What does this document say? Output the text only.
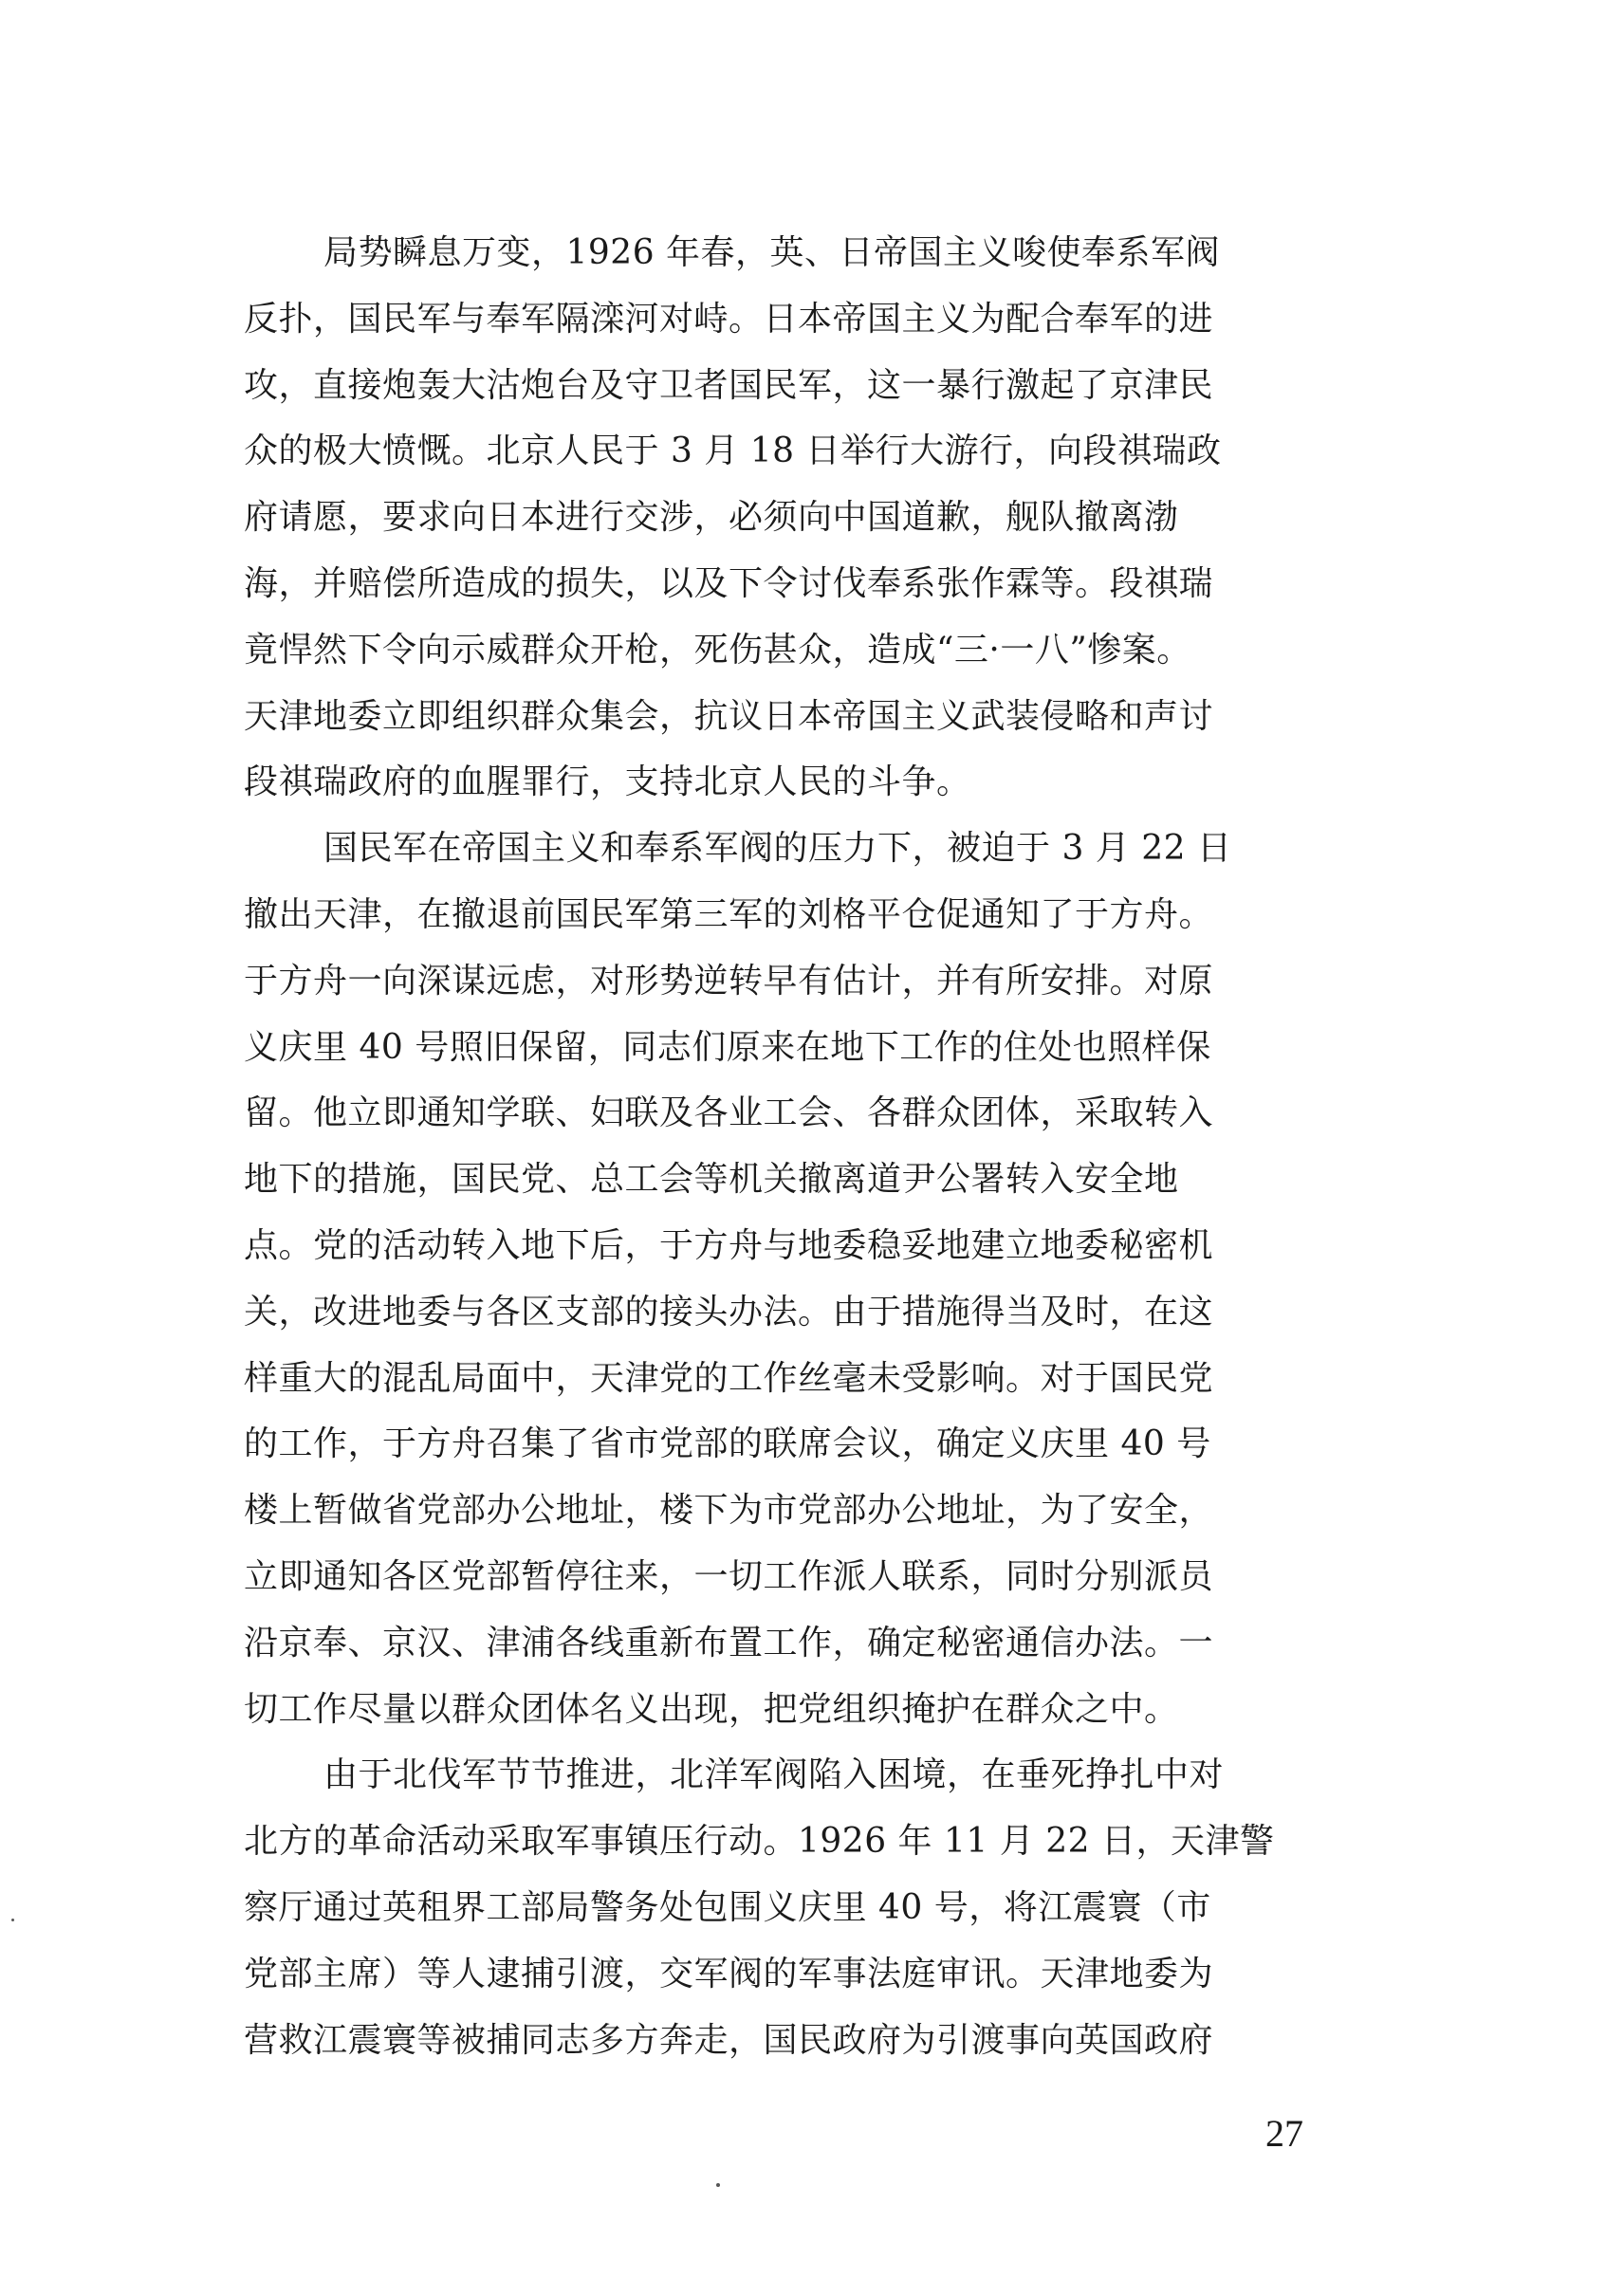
局势瞬息万变，1926 年春，英、日帝国主义唆使奉系军阀
反扑，国民军与奉军隔滦河对峙。日本帝国主义为配合奉军的进
攻，直接炮轰大沽炮台及守卫者国民军，这一暴行激起了京津民
众的极大愤慨。北京人民于 3 月 18 日举行大游行，向段祺瑞政
府请愿，要求向日本进行交涉，必须向中国道歉，舰队撤离渤
海，并赔偿所造成的损失，以及下令讨伐奉系张作霖等。段祺瑞
竟悍然下令向示威群众开枪，死伤甚众，造成“三·一八”惨案。
天津地委立即组织群众集会，抗议日本帝国主义武装侵略和声讨
段祺瑞政府的血腥罪行，支持北京人民的斗争。
国民军在帝国主义和奉系军阀的压力下，被迫于 3 月 22 日
撤出天津，在撤退前国民军第三军的刘格平仓促通知了于方舟。
于方舟一向深谋远虑，对形势逆转早有估计，并有所安排。对原
义庆里 40 号照旧保留，同志们原来在地下工作的住处也照样保
留。他立即通知学联、妇联及各业工会、各群众团体，采取转入
地下的措施，国民党、总工会等机关撤离道尹公署转入安全地
点。党的活动转入地下后，于方舟与地委稳妥地建立地委秘密机
关，改进地委与各区支部的接头办法。由于措施得当及时，在这
样重大的混乱局面中，天津党的工作丝毫未受影响。对于国民党
的工作，于方舟召集了省市党部的联席会议，确定义庆里 40 号
楼上暂做省党部办公地址，楼下为市党部办公地址，为了安全，
立即通知各区党部暂停往来，一切工作派人联系，同时分别派员
沿京奉、京汉、津浦各线重新布置工作，确定秘密通信办法。一
切工作尽量以群众团体名义出现，把党组织掩护在群众之中。
由于北伐军节节推进，北洋军阀陷入困境，在垂死挣扎中对
北方的革命活动采取军事镇压行动。1926 年 11 月 22 日，天津警
察厅通过英租界工部局警务处包围义庆里 40 号，将江震寰（市
党部主席）等人逮捕引渡，交军阀的军事法庭审讯。天津地委为
营救江震寰等被捕同志多方奔走，国民政府为引渡事向英国政府
27
